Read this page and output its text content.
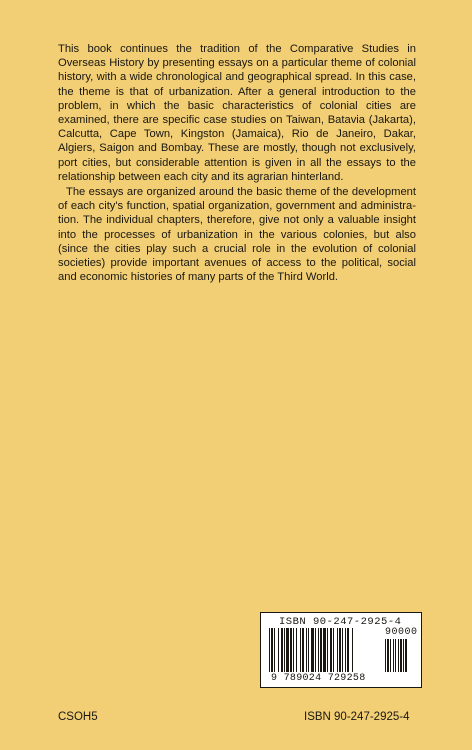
This book continues the tradition of the Comparative Studies in Overseas History by presenting essays on a particular theme of colonial history, with a wide chronological and geographical spread. In this case, the theme is that of urbanization. After a general introduction to the problem, in which the basic characteristics of colonial cities are examined, there are specific case studies on Taiwan, Batavia (Jakarta), Calcutta, Cape Town, Kingston (Jamaica), Rio de Janeiro, Dakar, Algiers, Saigon and Bombay. These are mostly, though not exclusively, port cities, but considerable attention is given in all the essays to the relationship between each city and its agrarian hinterland.

The essays are organized around the basic theme of the development of each city's function, spatial organization, government and administration. The individual chapters, therefore, give not only a valuable insight into the processes of urbanization in the various colonies, but also (since the cities play such a crucial role in the evolution of colonial societies) provide important avenues of access to the political, social and economic histories of many parts of the Third World.

ISBN 90-247-2925-4
90000
9 789024 729258
CSOH5	ISBN 90-247-2925-4
